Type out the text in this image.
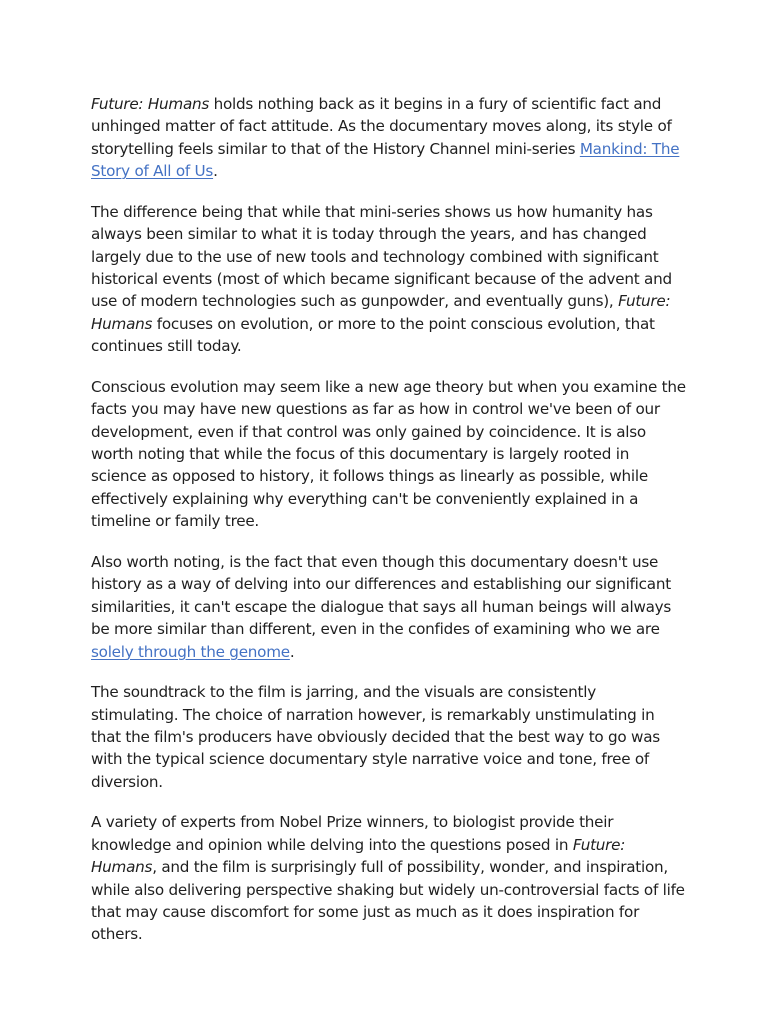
Future: Humans holds nothing back as it begins in a fury of scientific fact and unhinged matter of fact attitude. As the documentary moves along, its style of storytelling feels similar to that of the History Channel mini-series Mankind: The Story of All of Us.

The difference being that while that mini-series shows us how humanity has always been similar to what it is today through the years, and has changed largely due to the use of new tools and technology combined with significant historical events (most of which became significant because of the advent and use of modern technologies such as gunpowder, and eventually guns), Future: Humans focuses on evolution, or more to the point conscious evolution, that continues still today.

Conscious evolution may seem like a new age theory but when you examine the facts you may have new questions as far as how in control we've been of our development, even if that control was only gained by coincidence. It is also worth noting that while the focus of this documentary is largely rooted in science as opposed to history, it follows things as linearly as possible, while effectively explaining why everything can't be conveniently explained in a timeline or family tree.

Also worth noting, is the fact that even though this documentary doesn't use history as a way of delving into our differences and establishing our significant similarities, it can't escape the dialogue that says all human beings will always be more similar than different, even in the confides of examining who we are solely through the genome.

The soundtrack to the film is jarring, and the visuals are consistently stimulating. The choice of narration however, is remarkably unstimulating in that the film's producers have obviously decided that the best way to go was with the typical science documentary style narrative voice and tone, free of diversion.

A variety of experts from Nobel Prize winners, to biologist provide their knowledge and opinion while delving into the questions posed in Future: Humans, and the film is surprisingly full of possibility, wonder, and inspiration, while also delivering perspective shaking but widely un-controversial facts of life that may cause discomfort for some just as much as it does inspiration for others.
